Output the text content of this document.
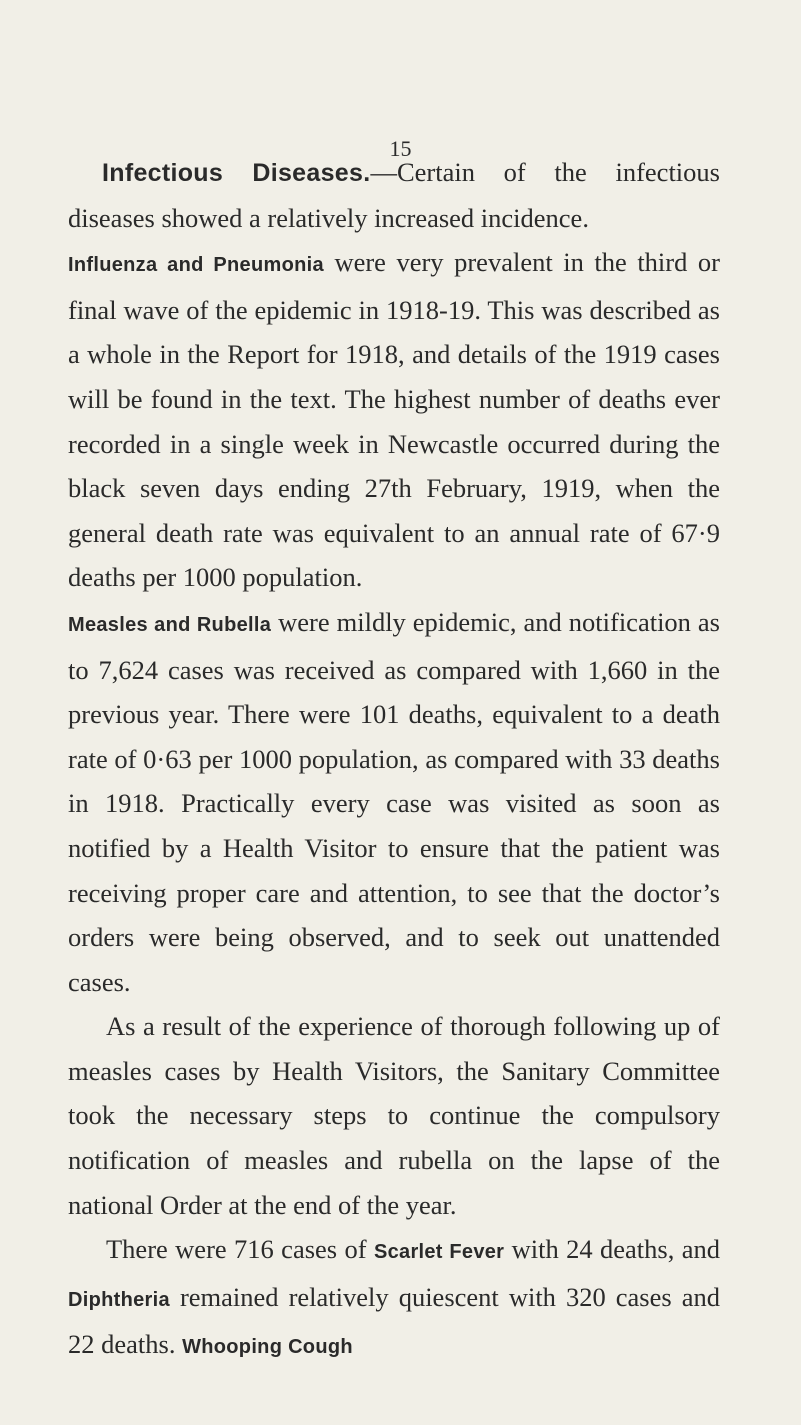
15

Infectious Diseases.—Certain of the infectious diseases showed a relatively increased incidence.

Influenza and Pneumonia were very prevalent in the third or final wave of the epidemic in 1918-19. This was described as a whole in the Report for 1918, and details of the 1919 cases will be found in the text. The highest number of deaths ever recorded in a single week in Newcastle occurred during the black seven days ending 27th February, 1919, when the general death rate was equivalent to an annual rate of 67·9 deaths per 1000 population.

Measles and Rubella were mildly epidemic, and notification as to 7,624 cases was received as compared with 1,660 in the previous year. There were 101 deaths, equivalent to a death rate of 0·63 per 1000 population, as compared with 33 deaths in 1918. Practically every case was visited as soon as notified by a Health Visitor to ensure that the patient was receiving proper care and attention, to see that the doctor’s orders were being observed, and to seek out unattended cases.

As a result of the experience of thorough following up of measles cases by Health Visitors, the Sanitary Committee took the necessary steps to continue the compulsory notification of measles and rubella on the lapse of the national Order at the end of the year.

There were 716 cases of Scarlet Fever with 24 deaths, and Diphtheria remained relatively quiescent with 320 cases and 22 deaths. Whooping Cough
